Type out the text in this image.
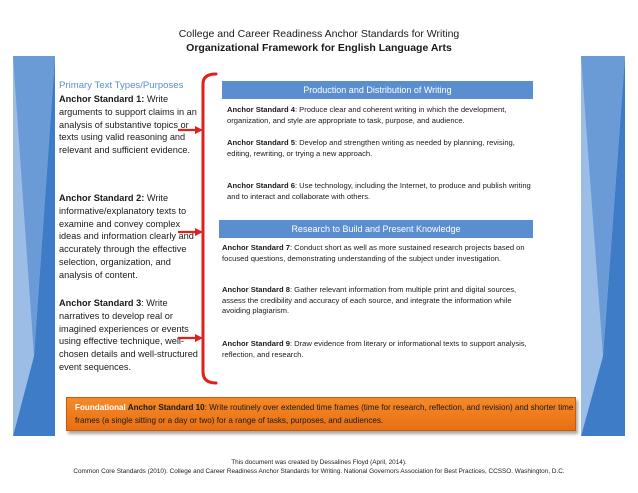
College and Career Readiness Anchor Standards for Writing
Organizational Framework for English Language Arts
Primary Text Types/Purposes
Anchor Standard 1: Write arguments to support claims in an analysis of substantive topics or texts using valid reasoning and relevant and sufficient evidence.
Anchor Standard 2: Write informative/explanatory texts to examine and convey complex ideas and information clearly and accurately through the effective selection, organization, and analysis of content.
Anchor Standard 3: Write narratives to develop real or imagined experiences or events using effective technique, well-chosen details and well-structured event sequences.
Production and Distribution of Writing
Research to Build and Present Knowledge
Anchor Standard 4: Produce clear and coherent writing in which the development, organization, and style are appropriate to task, purpose, and audience.
Anchor Standard 5: Develop and strengthen writing as needed by planning, revising, editing, rewriting, or trying a new approach.
Anchor Standard 6: Use technology, including the Internet, to produce and publish writing and to interact and collaborate with others.
Anchor Standard 7: Conduct short as well as more sustained research projects based on focused questions, demonstrating understanding of the subject under investigation.
Anchor Standard 8: Gather relevant information from multiple print and digital sources, assess the credibility and accuracy of each source, and integrate the information while avoiding plagiarism.
Anchor Standard 9: Draw evidence from literary or informational texts to support analysis, reflection, and research.
Foundational Anchor Standard 10: Write routinely over extended time frames (time for research, reflection, and revision) and shorter time frames (a single sitting or a day or two) for a range of tasks, purposes, and audiences.
This document was created by Dessalines Floyd (April, 2014).
Common Core Standards (2010). College and Career Readiness Anchor Standards for Writing. National Governors Association for Best Practices, CCSSO. Washington, D.C.
